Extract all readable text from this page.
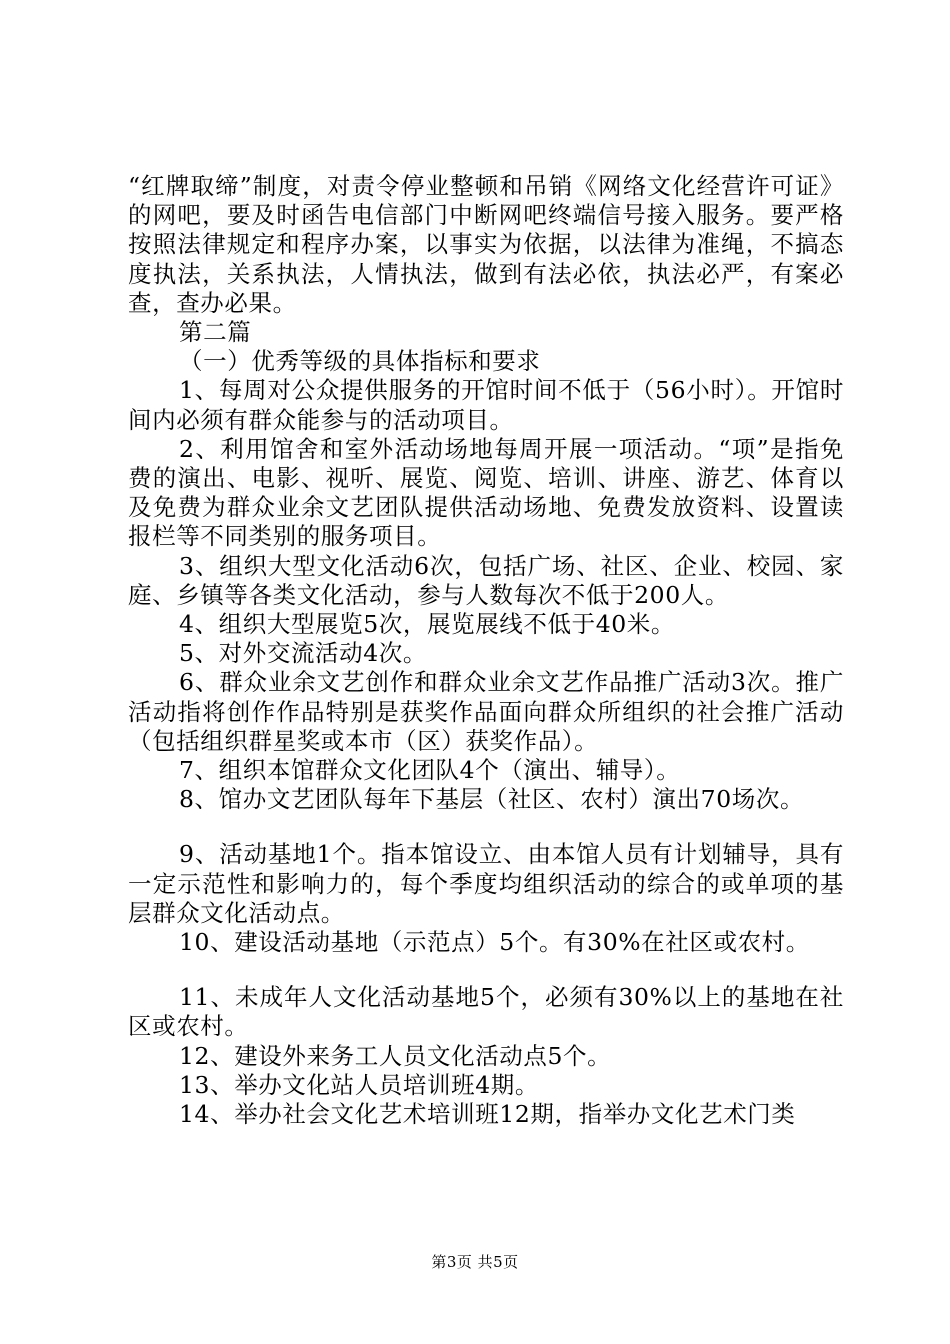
“红牌取缔”制度，对责令停业整顿和吊销《网络文化经营许可证》的网吧，要及时函告电信部门中断网吧终端信号接入服务。要严格按照法律规定和程序办案，以事实为依据，以法律为准绳，不搞态度执法，关系执法，人情执法，做到有法必依，执法必严，有案必查，查办必果。

第二篇

（一）优秀等级的具体指标和要求

1、每周对公众提供服务的开馆时间不低于（56小时）。开馆时间内必须有群众能参与的活动项目。

2、利用馆舍和室外活动场地每周开展一项活动。“项”是指免费的演出、电影、视听、展览、阅览、培训、讲座、游艺、体育以及免费为群众业余文艺团队提供活动场地、免费发放资料、设置读报栏等不同类别的服务项目。

3、组织大型文化活动6次，包括广场、社区、企业、校园、家庭、乡镇等各类文化活动，参与人数每次不低于200人。

4、组织大型展览5次，展览展线不低于40米。

5、对外交流活动4次。

6、群众业余文艺创作和群众业余文艺作品推广活动3次。推广活动指将创作作品特别是获奖作品面向群众所组织的社会推广活动（包括组织群星奖或本市（区）获奖作品）。

7、组织本馆群众文化团队4个（演出、辅导）。

8、馆办文艺团队每年下基层（社区、农村）演出70场次。

9、活动基地1个。指本馆设立、由本馆人员有计划辅导，具有一定示范性和影响力的，每个季度均组织活动的综合的或单项的基层群众文化活动点。

10、建设活动基地（示范点）5个。有30%在社区或农村。

11、未成年人文化活动基地5个，必须有30%以上的基地在社区或农村。

12、建设外来务工人员文化活动点5个。

13、举办文化站人员培训班4期。

14、举办社会文化艺术培训班12期，指举办文化艺术门类

第3页 共5页
